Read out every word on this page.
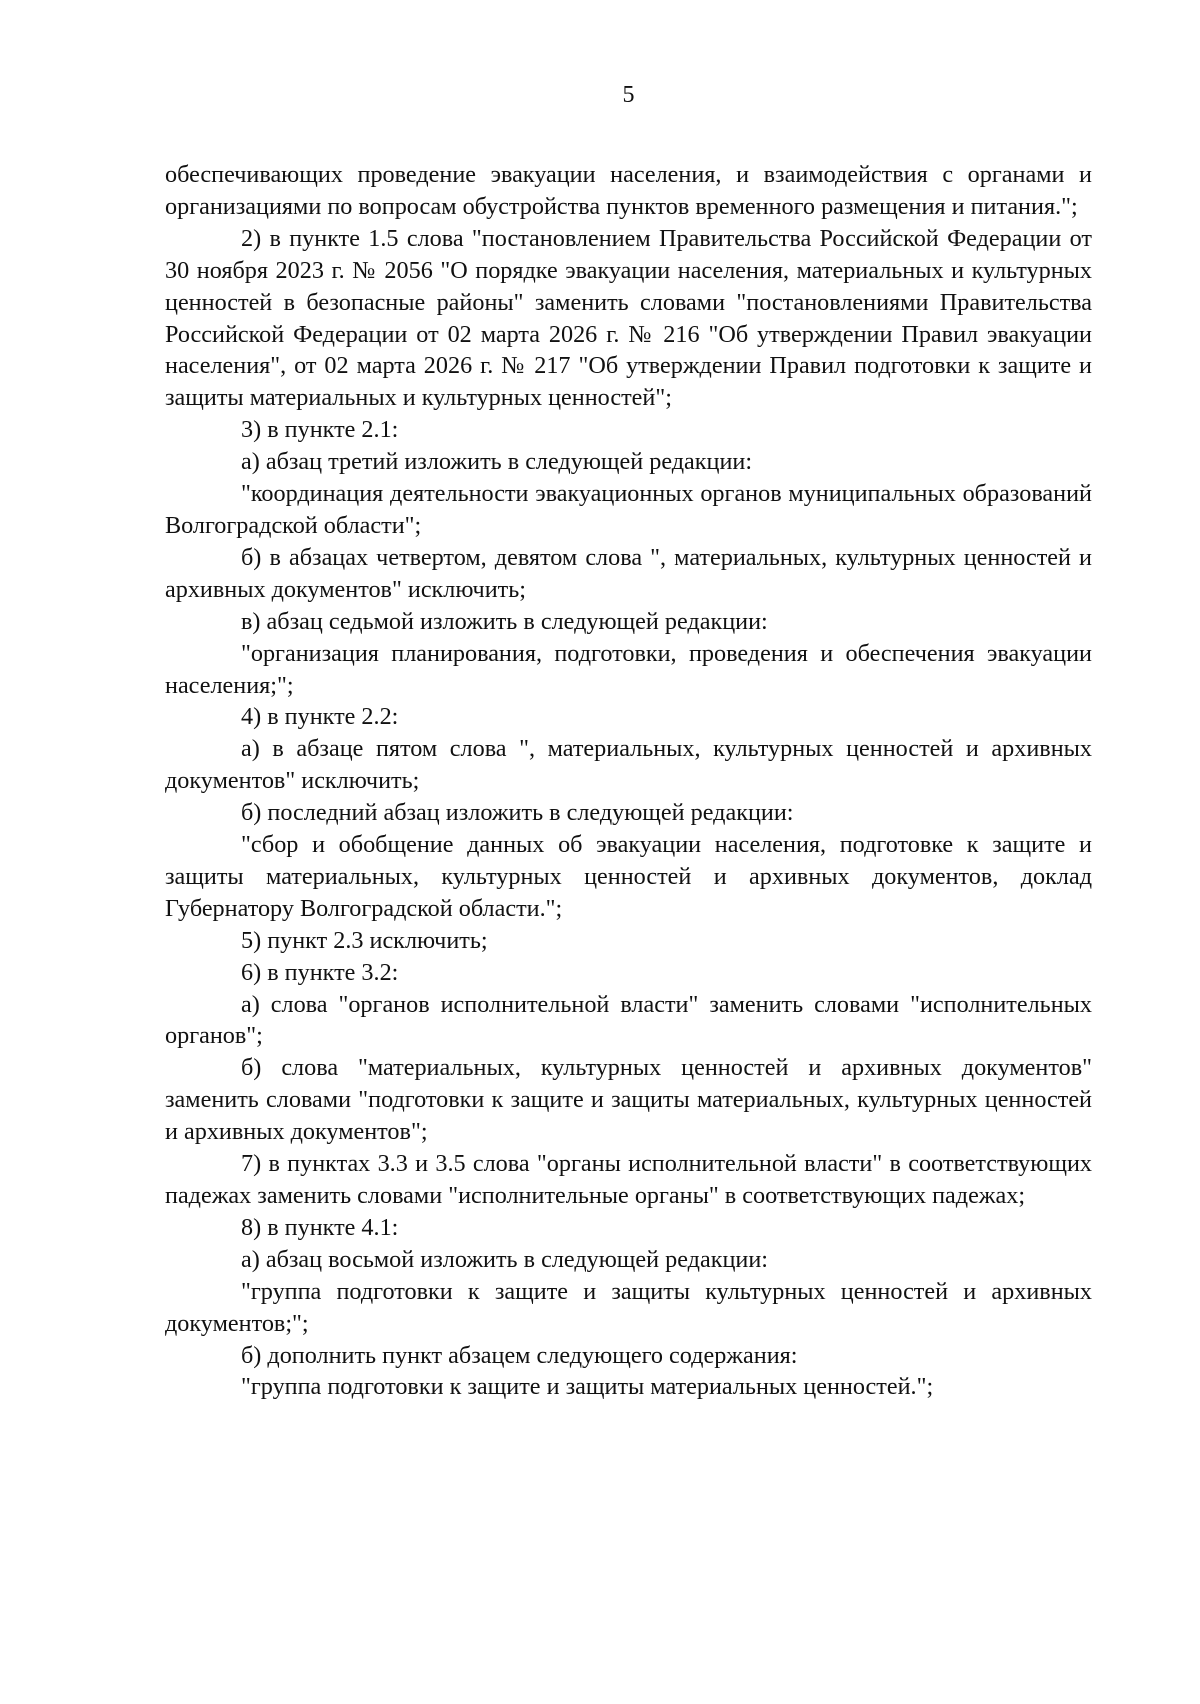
5

обеспечивающих проведение эвакуации населения, и взаимодействия с органами и организациями по вопросам обустройства пунктов временного размещения и питания.";

2) в пункте 1.5 слова "постановлением Правительства Российской Федерации от 30 ноября 2023 г. № 2056 "О порядке эвакуации населения, материальных и культурных ценностей в безопасные районы" заменить словами "постановлениями Правительства Российской Федерации от 02 марта 2026 г. № 216 "Об утверждении Правил эвакуации населения", от 02 марта 2026 г. № 217 "Об утверждении Правил подготовки к защите и защиты материальных и культурных ценностей";

3) в пункте 2.1:

а) абзац третий изложить в следующей редакции:

"координация деятельности эвакуационных органов муниципальных образований Волгоградской области";

б) в абзацах четвертом, девятом слова ", материальных, культурных ценностей и архивных документов" исключить;

в) абзац седьмой изложить в следующей редакции:

"организация планирования, подготовки, проведения и обеспечения эвакуации населения;";

4) в пункте 2.2:

а) в абзаце пятом слова ", материальных, культурных ценностей и архивных документов" исключить;

б) последний абзац изложить в следующей редакции:

"сбор и обобщение данных об эвакуации населения, подготовке к защите и защиты материальных, культурных ценностей и архивных документов, доклад Губернатору Волгоградской области.";

5) пункт 2.3 исключить;

6) в пункте 3.2:

а) слова "органов исполнительной власти" заменить словами "исполнительных органов";

б) слова "материальных, культурных ценностей и архивных документов" заменить словами "подготовки к защите и защиты материальных, культурных ценностей и архивных документов";

7) в пунктах 3.3 и 3.5 слова "органы исполнительной власти" в соответствующих падежах заменить словами "исполнительные органы" в соответствующих падежах;

8) в пункте 4.1:

а) абзац восьмой изложить в следующей редакции:

"группа подготовки к защите и защиты культурных ценностей и архивных документов;";

б) дополнить пункт абзацем следующего содержания:

"группа подготовки к защите и защиты материальных ценностей.";
